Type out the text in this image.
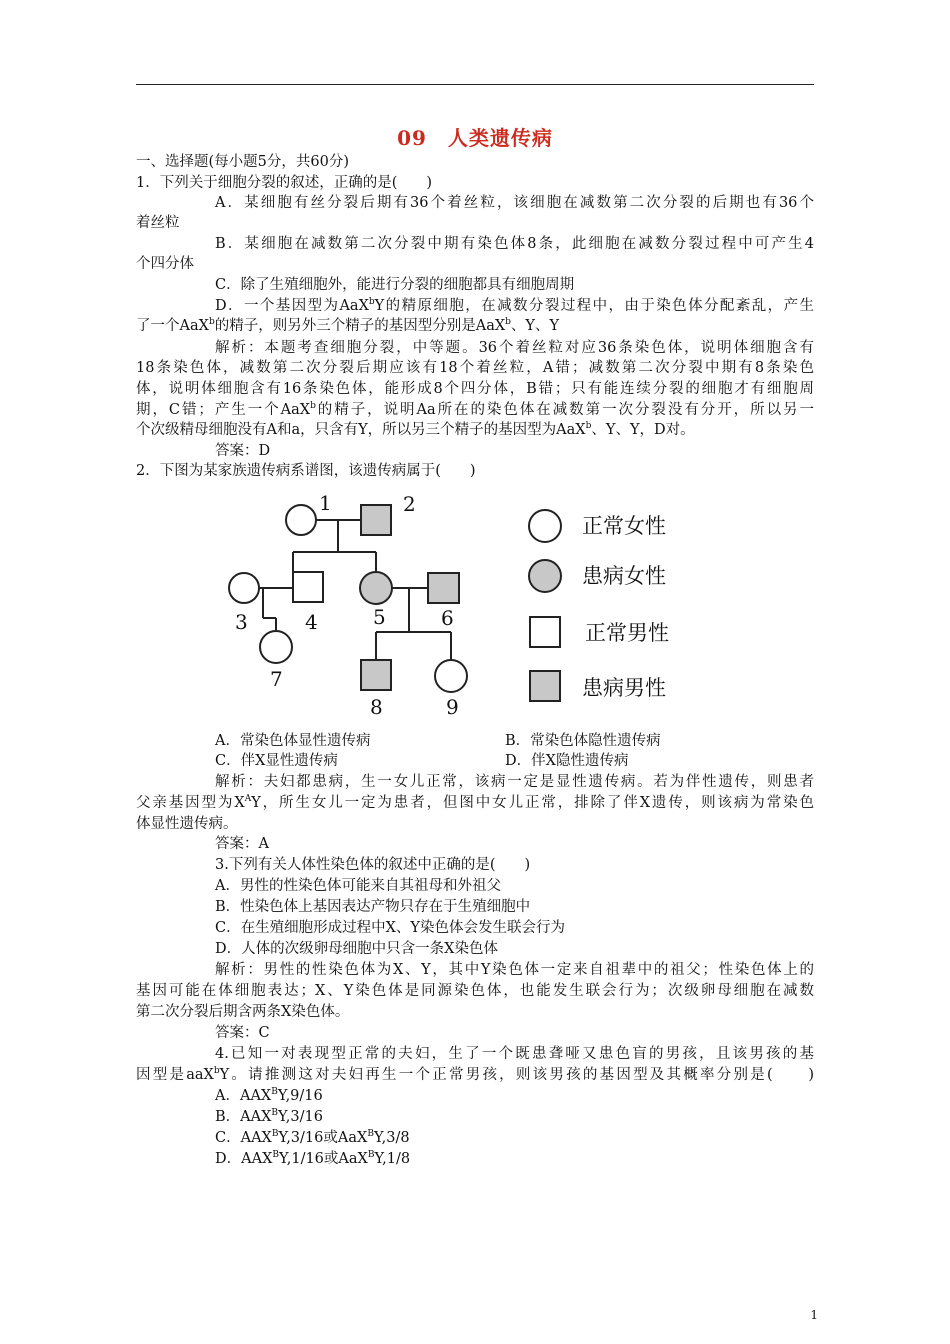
09　人类遗传病
一、选择题(每小题5分，共60分)
1．下列关于细胞分裂的叙述，正确的是(　　)
A．某细胞有丝分裂后期有36个着丝粒，该细胞在减数第二次分裂的后期也有36个
着丝粒
B．某细胞在减数第二次分裂中期有染色体8条，此细胞在减数分裂过程中可产生4
个四分体
C．除了生殖细胞外，能进行分裂的细胞都具有细胞周期
D．一个基因型为AaX$^b$Y的精原细胞，在减数分裂过程中，由于染色体分配紊乱，产生
了一个AaX$^b$的精子，则另外三个精子的基因型分别是AaX$^b$、Y、Y
解析：本题考查细胞分裂，中等题。36个着丝粒对应36条染色体，说明体细胞含有
18条染色体，减数第二次分裂后期应该有18个着丝粒，A错；减数第二次分裂中期有8条染色
体，说明体细胞含有16条染色体，能形成8个四分体，B错；只有能连续分裂的细胞才有细胞周
期，C错；产生一个AaX$^b$的精子，说明Aa所在的染色体在减数第一次分裂没有分开，所以另一
个次级精母细胞没有A和a，只含有Y，所以另三个精子的基因型为AaX$^b$、Y、Y，D对。
答案：D
2．下图为某家族遗传病系谱图，该遗传病属于(　　)
1	2
3	4	5	6
7
8	9
正常女性
患病女性
正常男性
患病男性
A．常染色体显性遗传病	B．常染色体隐性遗传病
C．伴X显性遗传病	D．伴X隐性遗传病
解析：夫妇都患病，生一女儿正常，该病一定是显性遗传病。若为伴性遗传，则患者
父亲基因型为$X^AY$，所生女儿一定为患者，但图中女儿正常，排除了伴X遗传，则该病为常染色
体显性遗传病。
答案：A
3.下列有关人体性染色体的叙述中正确的是(　　)
A．男性的性染色体可能来自其祖母和外祖父
B．性染色体上基因表达产物只存在于生殖细胞中
C．在生殖细胞形成过程中X、Y染色体会发生联会行为
D．人体的次级卵母细胞中只含一条X染色体
解析：男性的性染色体为X、Y，其中Y染色体一定来自祖辈中的祖父；性染色体上的
基因可能在体细胞表达；X、Y染色体是同源染色体，也能发生联会行为；次级卵母细胞在减数
第二次分裂后期含两条X染色体。
答案：C
4.已知一对表现型正常的夫妇，生了一个既患聋哑又患色盲的男孩，且该男孩的基
因型是aaX$^b$Y。请推测这对夫妇再生一个正常男孩，则该男孩的基因型及其概率分别是(　　)
A．$AAX^BY,9/16$
B．$AAX^BY,3/16$
C．$AAX^BY,3/16$或AaX$^B$Y,3/8
D．$AAX^BY,1/16$或AaX$^B$Y,1/8
1
